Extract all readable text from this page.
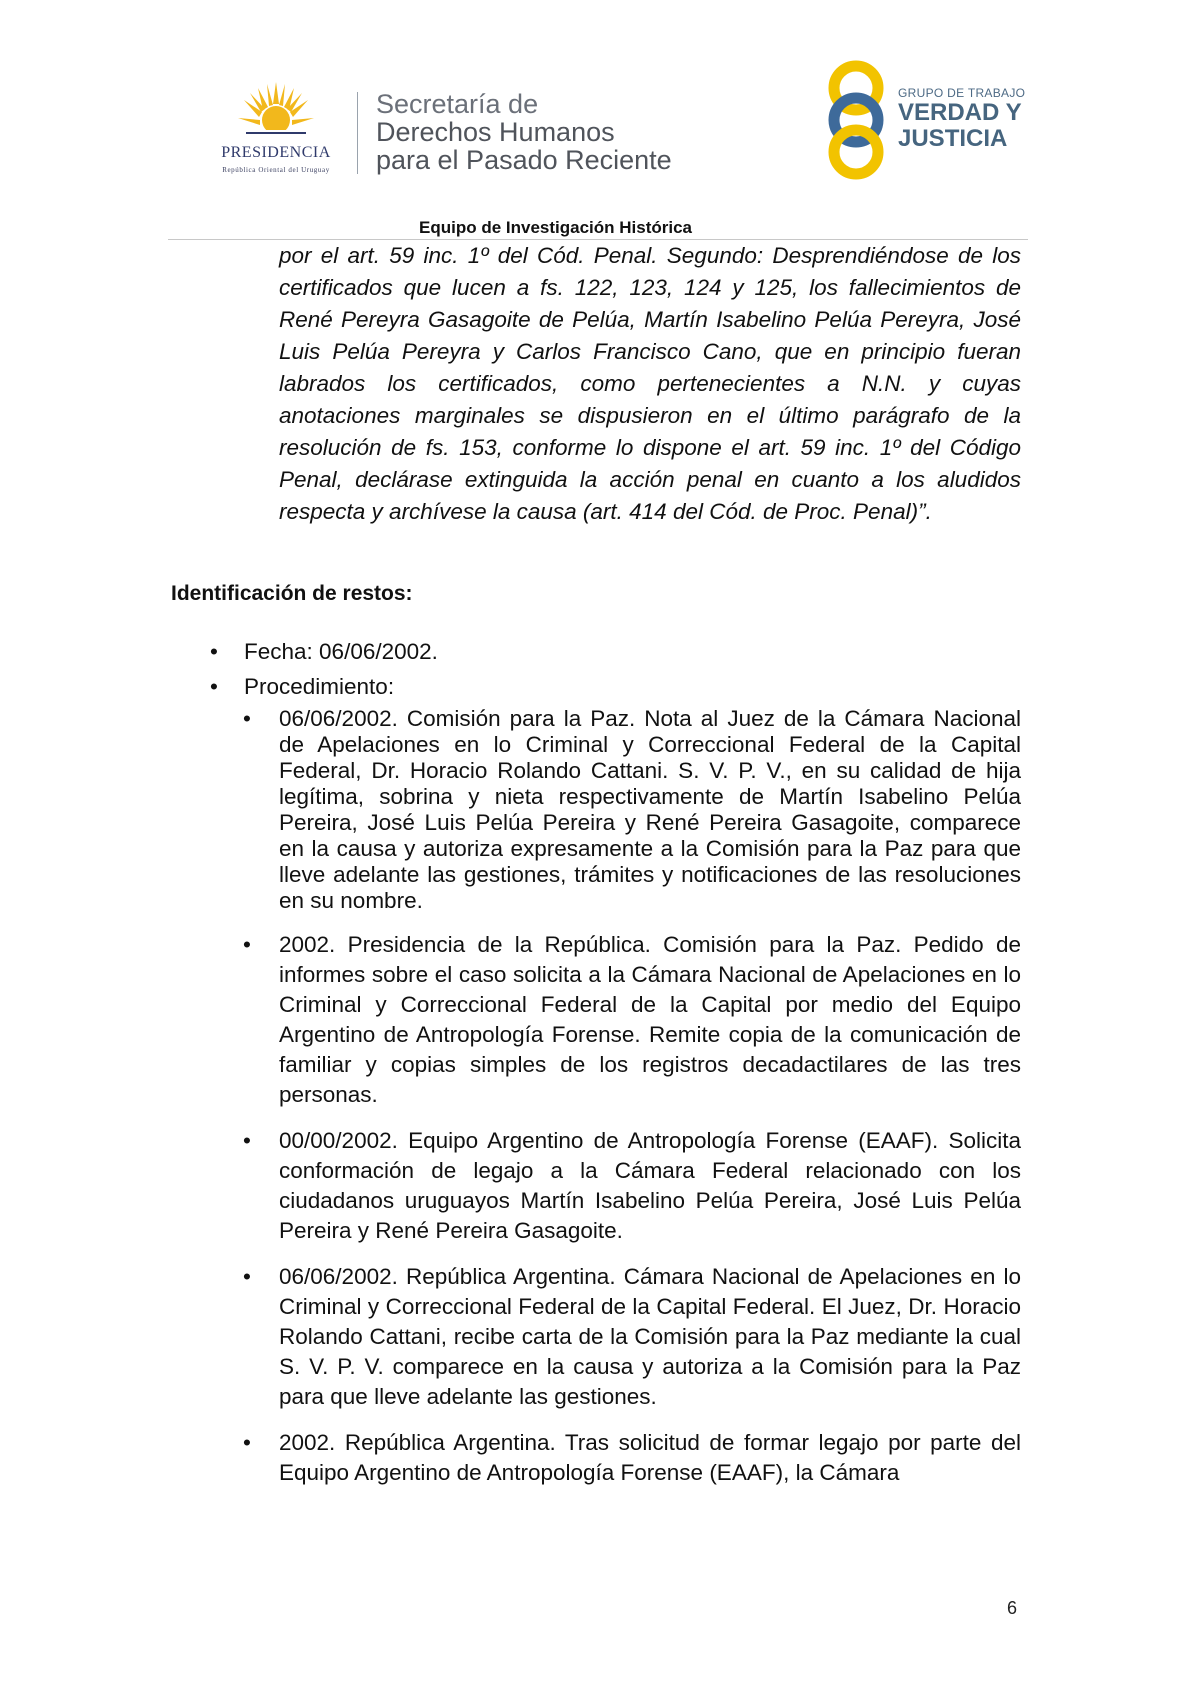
PRESIDENCIA
República Oriental del Uruguay
Secretaría de
Derechos Humanos
para el Pasado Reciente
GRUPO DE TRABAJO
VERDAD Y
JUSTICIA
Equipo de Investigación Histórica

por el art. 59 inc. 1º del Cód. Penal. Segundo: Desprendiéndose de los certificados que lucen a fs. 122, 123, 124 y 125, los fallecimientos de René Pereyra Gasagoite de Pelúa, Martín Isabelino Pelúa Pereyra, José Luis Pelúa Pereyra y Carlos Francisco Cano, que en principio fueran labrados los certificados, como pertenecientes a N.N. y cuyas anotaciones marginales se dispusieron en el último parágrafo de la resolución de fs. 153, conforme lo dispone el art. 59 inc. 1º del Código Penal, declárase extinguida la acción penal en cuanto a los aludidos respecta y archívese la causa (art. 414 del Cód. de Proc. Penal)”.

Identificación de restos:
• Fecha: 06/06/2002.
• Procedimiento:
• 06/06/2002. Comisión para la Paz. Nota al Juez de la Cámara Nacional de Apelaciones en lo Criminal y Correccional Federal de la Capital Federal, Dr. Horacio Rolando Cattani. S. V. P. V., en su calidad de hija legítima, sobrina y nieta respectivamente de Martín Isabelino Pelúa Pereira, José Luis Pelúa Pereira y René Pereira Gasagoite, comparece en la causa y autoriza expresamente a la Comisión para la Paz para que lleve adelante las gestiones, trámites y notificaciones de las resoluciones en su nombre.

• 2002. Presidencia de la República. Comisión para la Paz. Pedido de informes sobre el caso solicita a la Cámara Nacional de Apelaciones en lo Criminal y Correccional Federal de la Capital por medio del Equipo Argentino de Antropología Forense. Remite copia de la comunicación de familiar y copias simples de los registros decadactilares de las tres personas.

• 00/00/2002. Equipo Argentino de Antropología Forense (EAAF). Solicita conformación de legajo a la Cámara Federal relacionado con los ciudadanos uruguayos Martín Isabelino Pelúa Pereira, José Luis Pelúa Pereira y René Pereira Gasagoite.

• 06/06/2002. República Argentina. Cámara Nacional de Apelaciones en lo Criminal y Correccional Federal de la Capital Federal. El Juez, Dr. Horacio Rolando Cattani, recibe carta de la Comisión para la Paz mediante la cual S. V. P. V. comparece en la causa y autoriza a la Comisión para la Paz para que lleve adelante las gestiones.

• 2002. República Argentina. Tras solicitud de formar legajo por parte del Equipo Argentino de Antropología Forense (EAAF), la Cámara

6
